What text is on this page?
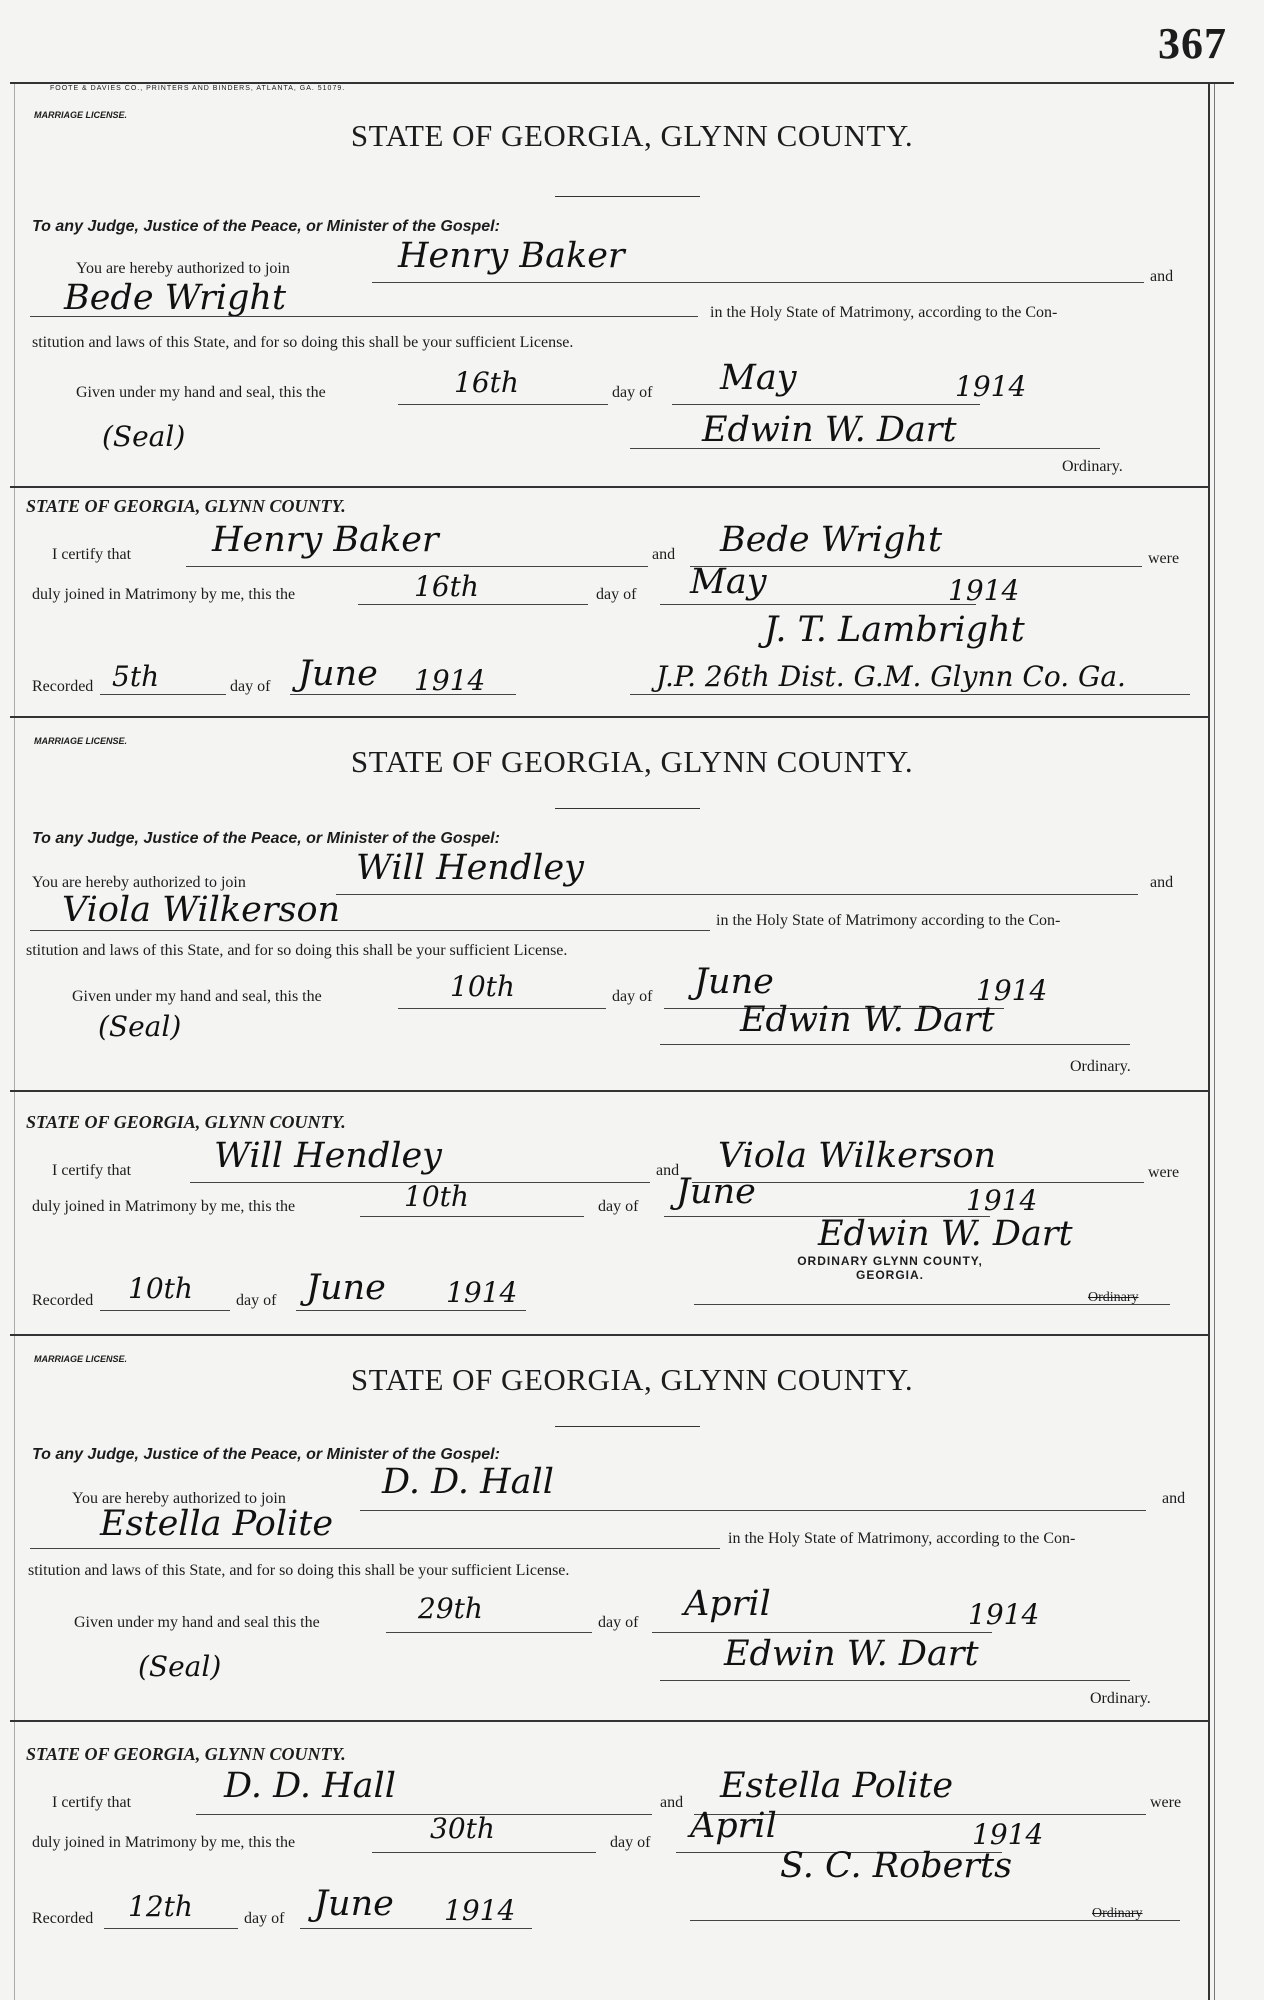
367
FOOTE & DAVIES CO., PRINTERS AND BINDERS, ATLANTA, GA. 51079.
MARRIAGE LICENSE.
STATE OF GEORGIA, GLYNN COUNTY.
To any Judge, Justice of the Peace, or Minister of the Gospel:
You are hereby authorized to join	Henry Baker
and
Bede Wright	in the Holy State of Matrimony, according to the Con-
stitution and laws of this State, and for so doing this shall be your sufficient License.
Given under my hand and seal, this the	16th	day of May	1914
(Seal)	Edwin W. Dart
Ordinary.
STATE OF GEORGIA, GLYNN COUNTY.
I certify that Henry Baker	and Bede Wright	were
duly joined in Matrimony by me, this the	16th	day of May	1914
J. T. Lambright
Recorded 5th	day of June 1914	J.P. 26th Dist. G.M. Glynn Co. Ga.
MARRIAGE LICENSE.
STATE OF GEORGIA, GLYNN COUNTY.
To any Judge, Justice of the Peace, or Minister of the Gospel:
You are hereby authorized to join	Will Hendley	and
Viola Wilkerson	in the Holy State of Matrimony according to the Con-
stitution and laws of this State, and for so doing this shall be your sufficient License.
Given under my hand and seal, this the	10th	day of June	1914
(Seal)	Edwin W. Dart
Ordinary.
STATE OF GEORGIA, GLYNN COUNTY.
I certify that Will Hendley	and Viola Wilkerson	were
duly joined in Matrimony by me, this the	10th	day of June	1914
Edwin W. Dart
ORDINARY GLYNN COUNTY,
GEORGIA.
Recorded 10th	day of June 1914	Ordinary
MARRIAGE LICENSE.
STATE OF GEORGIA, GLYNN COUNTY.
To any Judge, Justice of the Peace, or Minister of the Gospel:
You are hereby authorized to join	D. D. Hall	and
Estella Polite	in the Holy State of Matrimony, according to the Con-
stitution and laws of this State, and for so doing this shall be your sufficient License.
Given under my hand and seal this the	29th	day of April	1914
(Seal)	Edwin W. Dart
Ordinary.
STATE OF GEORGIA, GLYNN COUNTY.
I certify that	D. D. Hall	and Estella Polite	were
duly joined in Matrimony by me, this the	30th	day of April	1914
S. C. Roberts
Recorded 12th	day of June 1914	Ordinary
